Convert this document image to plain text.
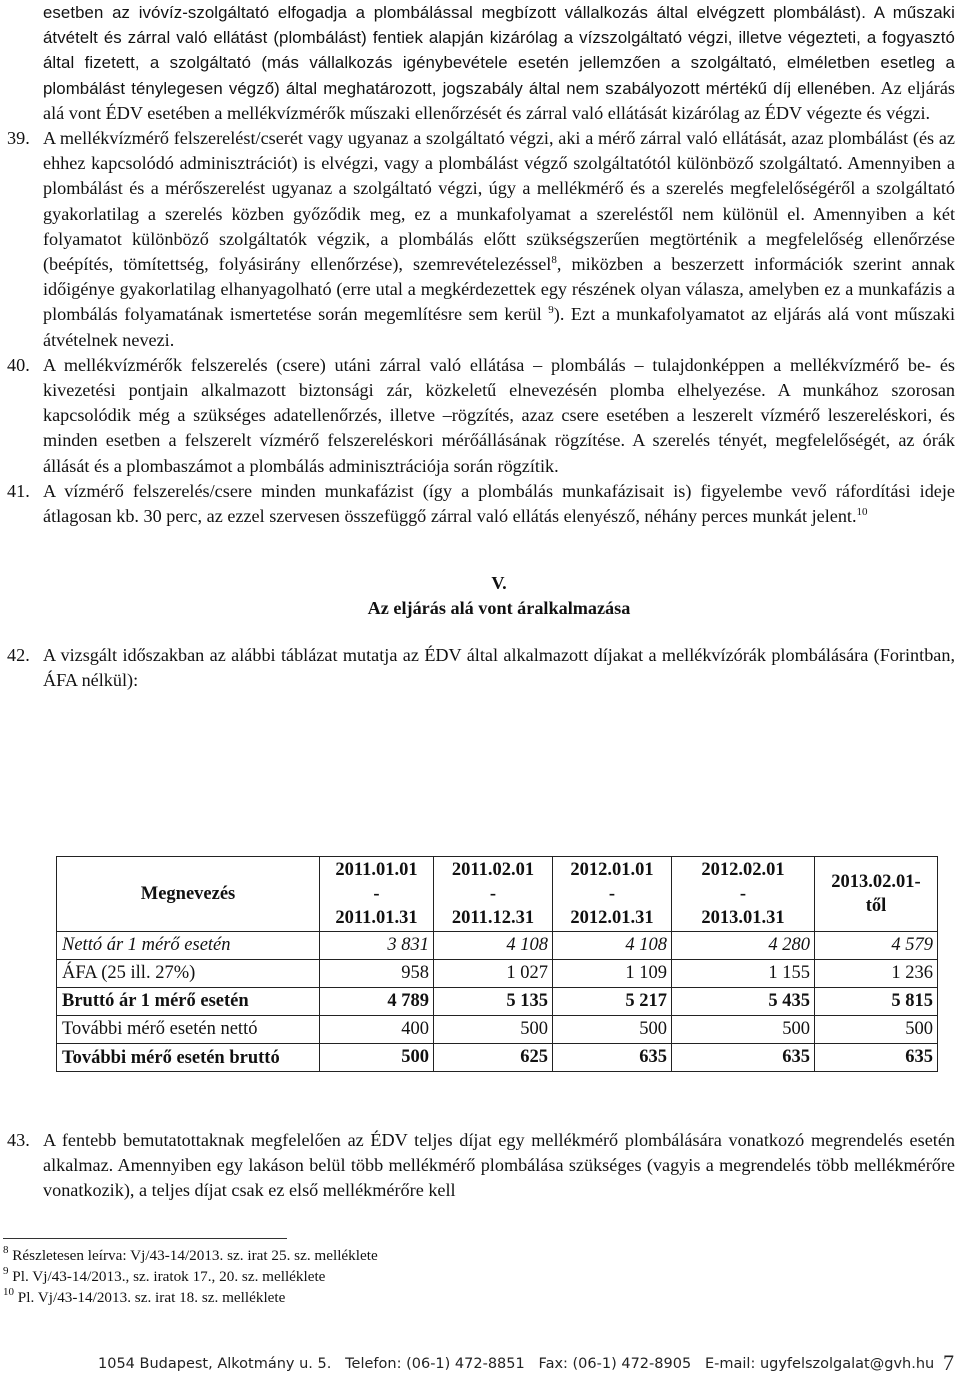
esetben az ivóvíz-szolgáltató elfogadja a plombálással megbízott vállalkozás által elvégzett plombálást). A műszaki átvételt és zárral való ellátást (plombálást) fentiek alapján kizárólag a vízszolgáltató végzi, illetve végezteti, a fogyasztó által fizetett, a szolgáltató (más vállalkozás igénybevétele esetén jellemzően a szolgáltató, elméletben esetleg a plombálást ténylegesen végző) által meghatározott, jogszabály által nem szabályozott mértékű díj ellenében. Az eljárás alá vont ÉDV esetében a mellékvízmérők műszaki ellenőrzését és zárral való ellátását kizárólag az ÉDV végezte és végzi.

39. A mellékvízmérő felszerelést/cserét vagy ugyanaz a szolgáltató végzi, aki a mérő zárral való ellátását, azaz plombálást (és az ehhez kapcsolódó adminisztrációt) is elvégzi, vagy a plombálást végző szolgáltatótól különböző szolgáltató. Amennyiben a plombálást és a mérőszerelést ugyanaz a szolgáltató végzi, úgy a mellékmérő és a szerelés megfelelőségéről a szolgáltató gyakorlatilag a szerelés közben győződik meg, ez a munkafolyamat a szereléstől nem különül el. Amennyiben a két folyamatot különböző szolgáltatók végzik, a plombálás előtt szükségszerűen megtörténik a megfelelőség ellenőrzése (beépítés, tömítettség, folyásirány ellenőrzése), szemrevételezéssel$^8$, miközben a beszerzett információk szerint annak időigénye gyakorlatilag elhanyagolható (erre utal a megkérdezettek egy részének olyan válasza, amelyben ez a munkafázis a plombálás folyamatának ismertetése során megemlítésre sem kerül $^9$). Ezt a munkafolyamatot az eljárás alá vont műszaki átvételnek nevezi.

40. A mellékvízmérők felszerelés (csere) utáni zárral való ellátása – plombálás – tulajdonképpen a mellékvízmérő be- és kivezetési pontjain alkalmazott biztonsági zár, közkeletű elnevezésén plomba elhelyezése. A munkához szorosan kapcsolódik még a szükséges adatellenőrzés, illetve –rögzítés, azaz csere esetében a leszerelt vízmérő leszereléskori, és minden esetben a felszerelt vízmérő felszereléskori mérőállásának rögzítése. A szerelés tényét, megfelelőségét, az órák állását és a plombaszámot a plombálás adminisztrációja során rögzítik.

41. A vízmérő felszerelés/csere minden munkafázist (így a plombálás munkafázisait is) figyelembe vevő ráfordítási ideje átlagosan kb. 30 perc, az ezzel szervesen összefüggő zárral való ellátás elenyésző, néhány perces munkát jelent.$^{10}$

V.
Az eljárás alá vont áralkalmazása

42. A vizsgált időszakban az alábbi táblázat mutatja az ÉDV által alkalmazott díjakat a mellékvízórák plombálására (Forintban, ÁFA nélkül):

Megnevezés	2011.01.01
-
2011.01.31	2011.02.01
-
2011.12.31	2012.01.01
-
2012.01.31	2012.02.01
-
2013.01.31	2013.02.01-
től
Nettó ár 1 mérő esetén	3 831	4 108	4 108	4 280	4 579
ÁFA (25 ill. 27%)	958	1 027	1 109	1 155	1 236
Bruttó ár 1 mérő esetén	4 789	5 135	5 217	5 435	5 815
További mérő esetén nettó	400	500	500	500	500
További mérő esetén bruttó	500	625	635	635	635

43. A fentebb bemutatottaknak megfelelően az ÉDV teljes díjat egy mellékmérő plombálására vonatkozó megrendelés esetén alkalmaz. Amennyiben egy lakáson belül több mellékmérő plombálása szükséges (vagyis a megrendelés több mellékmérőre vonatkozik), a teljes díjat csak ez első mellékmérőre kell

$^8$ Részletesen leírva: Vj/43-14/2013. sz. irat 25. sz. melléklete
$^9$ Pl. Vj/43-14/2013., sz. iratok 17., 20. sz. melléklete
$^{10}$ Pl. Vj/43-14/2013. sz. irat 18. sz. melléklete
1054 Budapest, Alkotmány u. 5.   Telefon: (06-1) 472-8851   Fax: (06-1) 472-8905   E-mail: ugyfelszolgalat@gvh.hu 7
